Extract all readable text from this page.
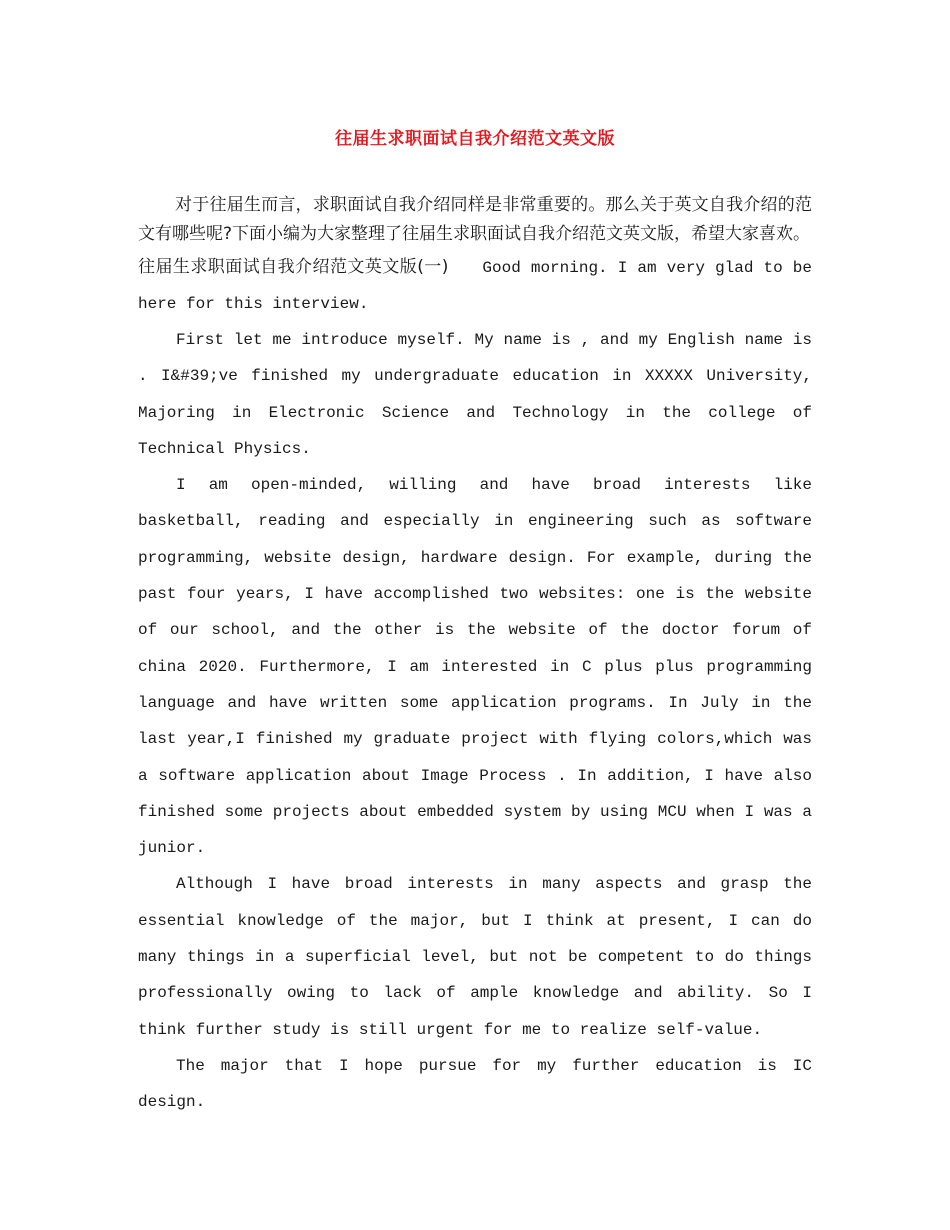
往届生求职面试自我介绍范文英文版

对于往届生而言，求职面试自我介绍同样是非常重要的。那么关于英文自我介绍的范文有哪些呢?下面小编为大家整理了往届生求职面试自我介绍范文英文版，希望大家喜欢。

往届生求职面试自我介绍范文英文版(一) Good morning. I am very glad to be here for this interview.

First let me introduce myself. My name is , and my English name is . I&#39;ve finished my undergraduate education in XXXXX University, Majoring in Electronic Science and Technology in the college of Technical Physics.

I am open-minded, willing and have broad interests like basketball, reading and especially in engineering such as software programming, website design, hardware design. For example, during the past four years, I have accomplished two websites: one is the website of our school, and the other is the website of the doctor forum of china 2020. Furthermore, I am interested in C plus plus programming language and have written some application programs. In July in the last year,I finished my graduate project with flying colors,which was a software application about Image Process . In addition, I have also finished some projects about embedded system by using MCU when I was a junior.

Although I have broad interests in many aspects and grasp the essential knowledge of the major, but I think at present, I can do many things in a superficial level, but not be competent to do things professionally owing to lack of ample knowledge and ability. So I think further study is still urgent for me to realize self-value.

The major that I hope pursue for my further education is IC design.
